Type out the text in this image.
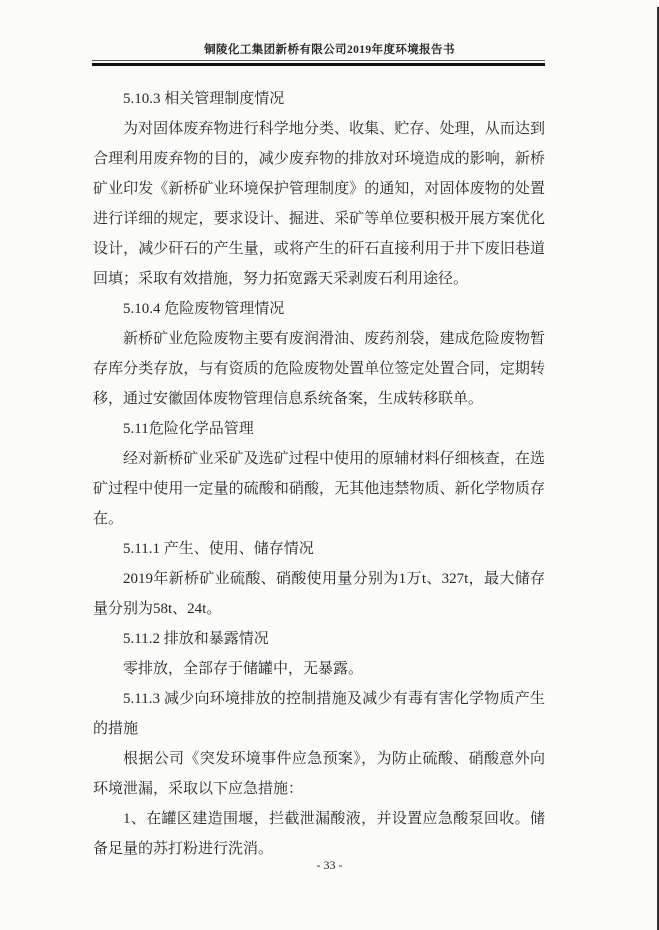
铜陵化工集团新桥有限公司2019年度环境报告书
5.10.3 相关管理制度情况
为对固体废弃物进行科学地分类、收集、贮存、处理，从而达到
合理利用废弃物的目的，减少废弃物的排放对环境造成的影响，新桥
矿业印发《新桥矿业环境保护管理制度》的通知，对固体废物的处置
进行详细的规定，要求设计、掘进、采矿等单位要积极开展方案优化
设计，减少矸石的产生量，或将产生的矸石直接利用于井下废旧巷道
回填；采取有效措施，努力拓宽露天采剥废石利用途径。
5.10.4 危险废物管理情况
新桥矿业危险废物主要有废润滑油、废药剂袋，建成危险废物暂
存库分类存放，与有资质的危险废物处置单位签定处置合同，定期转
移，通过安徽固体废物管理信息系统备案，生成转移联单。
5.11危险化学品管理
经对新桥矿业采矿及选矿过程中使用的原辅材料仔细核查，在选
矿过程中使用一定量的硫酸和硝酸，无其他违禁物质、新化学物质存
在。
5.11.1 产生、使用、储存情况
2019年新桥矿业硫酸、硝酸使用量分别为1万t、327t，最大储存
量分别为58t、24t。
5.11.2 排放和暴露情况
零排放，全部存于储罐中，无暴露。
5.11.3 减少向环境排放的控制措施及减少有毒有害化学物质产生
的措施
根据公司《突发环境事件应急预案》，为防止硫酸、硝酸意外向
环境泄漏，采取以下应急措施：
1、在罐区建造围堰，拦截泄漏酸液，并设置应急酸泵回收。储
备足量的苏打粉进行洗消。
- 33 -
